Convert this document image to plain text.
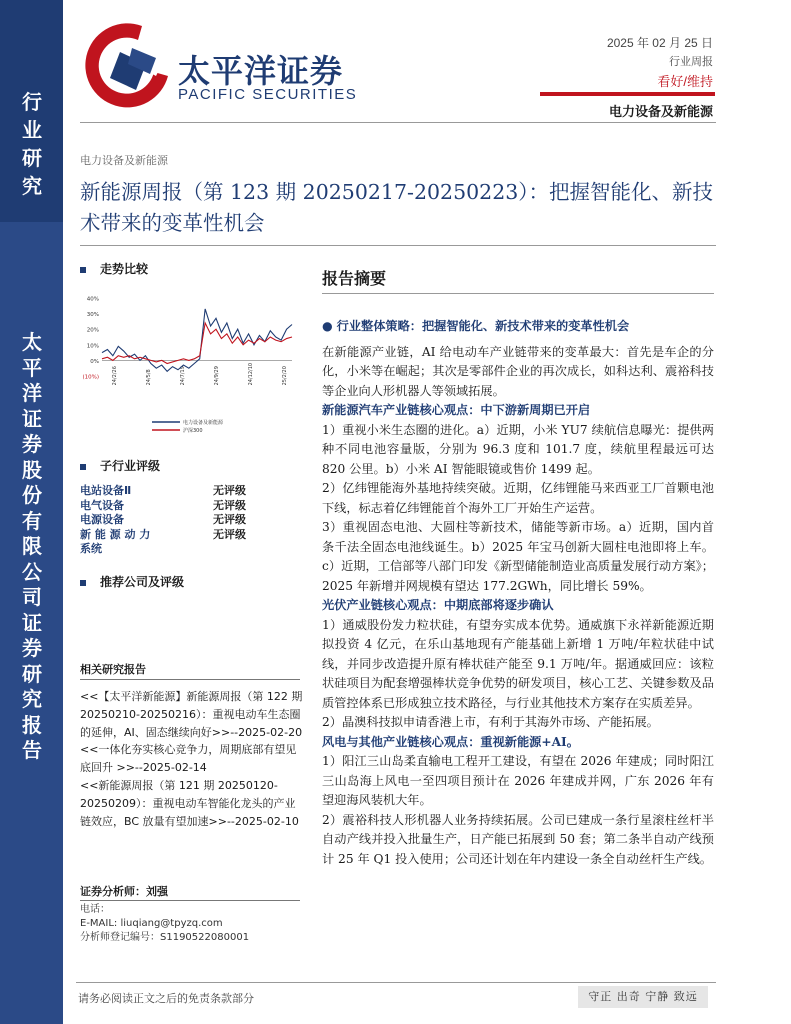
行业研究
太平洋证券股份有限公司证券研究报告
太平洋证券
PACIFIC SECURITIES
2025 年 02 月 25 日
行业周报
看好/维持
电力设备及新能源
电力设备及新能源
新能源周报（第 123 期 20250217-20250223）：把握智能化、新技术带来的变革性机会
走势比较
40%
30%
20%
10%
0%
(10%)	24/2/26	24/5/8	24/7/19	24/9/29	24/12/10	25/2/20
电力设备及新能源
沪深300
子行业评级
电站设备Ⅱ	无评级
电气设备	无评级
电源设备	无评级
新 能 源 动 力	无评级
系统
推荐公司及评级
相关研究报告

<<【太平洋新能源】新能源周报（第 122 期 20250210-20250216）：重视电动车生态圈的延伸，AI、固态继续向好>>--2025-02-20

<<一体化夯实核心竞争力，周期底部有望见底回升 >>--2025-02-14

<<新能源周报（第 121 期 20250120-20250209）：重视电动车智能化龙头的产业链效应，BC 放量有望加速>>--2025-02-10

证券分析师：刘强
电话：
E-MAIL: liuqiang@tpyzq.com
分析师登记编号：S1190522080001
报告摘要

● 行业整体策略：把握智能化、新技术带来的变革性机会

在新能源产业链，AI 给电动车产业链带来的变革最大：首先是车企的分化，小米等在崛起；其次是零部件企业的再次成长，如科达利、震裕科技等企业向人形机器人等领域拓展。

新能源汽车产业链核心观点：中下游新周期已开启

1）重视小米生态圈的进化。a）近期，小米 YU7 续航信息曝光：提供两种不同电池容量版，分别为 96.3 度和 101.7 度，续航里程最远可达 820 公里。b）小米 AI 智能眼镜或售价 1499 起。

2）亿纬锂能海外基地持续突破。近期，亿纬锂能马来西亚工厂首颗电池下线，标志着亿纬锂能首个海外工厂开始生产运营。

3）重视固态电池、大圆柱等新技术，储能等新市场。a）近期，国内首条千法全固态电池线诞生。b）2025 年宝马创新大圆柱电池即将上车。c）近期，工信部等八部门印发《新型储能制造业高质量发展行动方案》；2025 年新增并网规模有望达 177.2GWh，同比增长 59%。

光伏产业链核心观点：中期底部将逐步确认

1）通威股份发力粒状硅，有望夯实成本优势。通威旗下永祥新能源近期拟投资 4 亿元，在乐山基地现有产能基础上新增 1 万吨/年粒状硅中试线，并同步改造提升原有棒状硅产能至 9.1 万吨/年。据通威回应：该粒状硅项目为配套增强棒状竞争优势的研发项目，核心工艺、关键参数及品质管控体系已形成独立技术路径，与行业其他技术方案存在实质差异。

2）晶澳科技拟申请香港上市，有利于其海外市场、产能拓展。

风电与其他产业链核心观点：重视新能源+AI。

1）阳江三山岛柔直输电工程开工建设，有望在 2026 年建成；同时阳江三山岛海上风电一至四项目预计在 2026 年建成并网，广东 2026 年有望迎海风装机大年。

2）震裕科技人形机器人业务持续拓展。公司已建成一条行星滚柱丝杆半自动产线并投入批量生产，日产能已拓展到 50 套；第二条半自动产线预计 25 年 Q1 投入使用；公司还计划在年内建设一条全自动丝杆生产线。

请务必阅读正文之后的免责条款部分	守正 出奇 宁静 致远
